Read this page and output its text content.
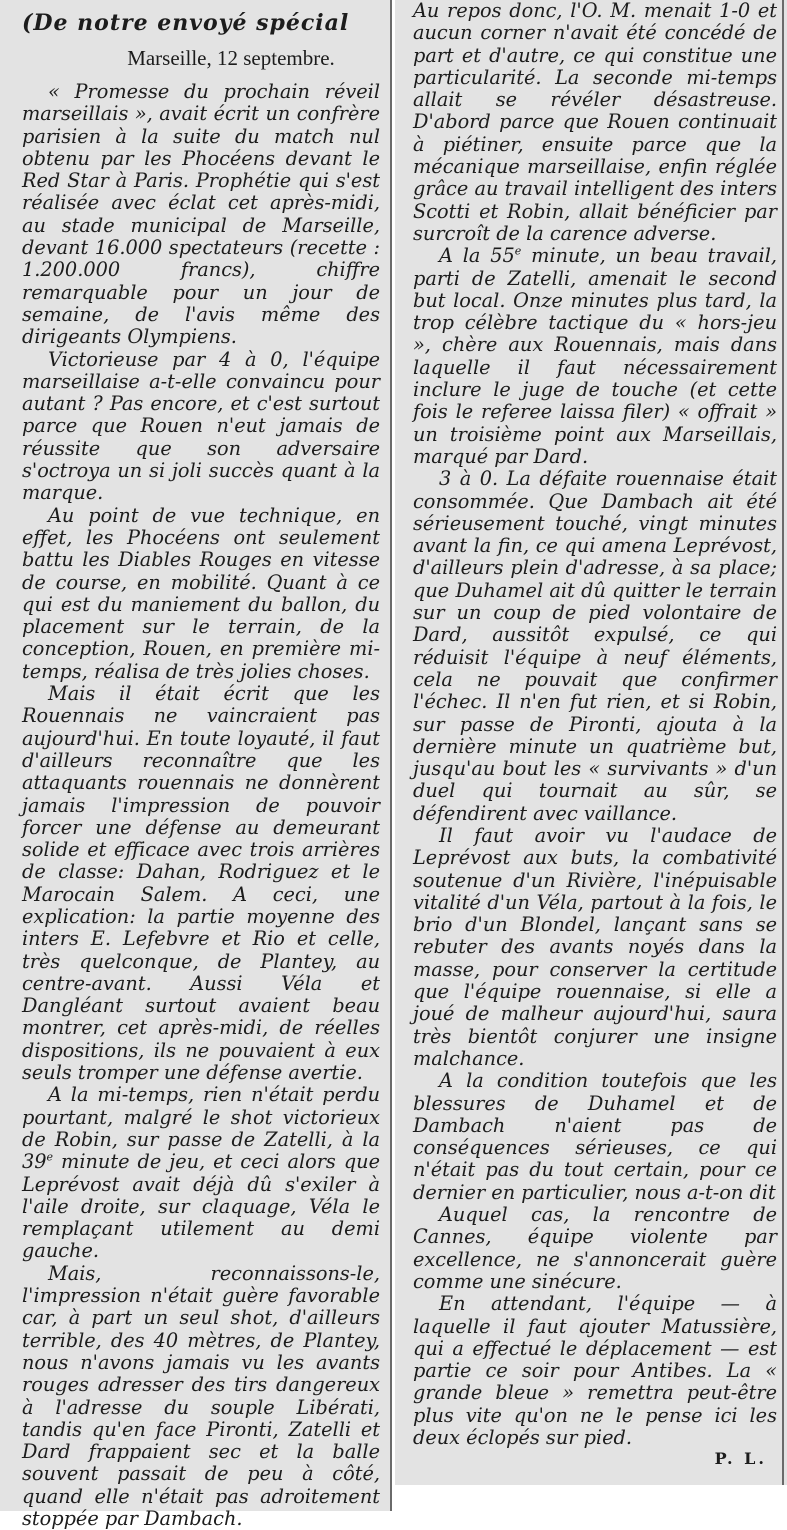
(De notre envoyé spécial
Marseille, 12 septembre.

« Promesse du prochain réveil marseillais », avait écrit un confrère parisien à la suite du match nul obtenu par les Phocéens devant le Red Star à Paris. Prophétie qui s'est réalisée avec éclat cet après-midi, au stade municipal de Marseille, devant 16.000 spectateurs (recette : 1.200.000 francs), chiffre remarquable pour un jour de semaine, de l'avis même des dirigeants Olympiens.

Victorieuse par 4 à 0, l'équipe marseillaise a-t-elle convaincu pour autant ? Pas encore, et c'est surtout parce que Rouen n'eut jamais de réussite que son adversaire s'octroya un si joli succès quant à la marque.

Au point de vue technique, en effet, les Phocéens ont seulement battu les Diables Rouges en vitesse de course, en mobilité. Quant à ce qui est du maniement du ballon, du placement sur le terrain, de la conception, Rouen, en première mi-temps, réalisa de très jolies choses.

Mais il était écrit que les Rouennais ne vaincraient pas aujourd'hui. En toute loyauté, il faut d'ailleurs reconnaître que les attaquants rouennais ne donnèrent jamais l'impression de pouvoir forcer une défense au demeurant solide et efficace avec trois arrières de classe: Dahan, Rodriguez et le Marocain Salem. A ceci, une explication: la partie moyenne des inters E. Lefebvre et Rio et celle, très quelconque, de Plantey, au centre-avant. Aussi Véla et Dangléant surtout avaient beau montrer, cet après-midi, de réelles dispositions, ils ne pouvaient à eux seuls tromper une défense avertie.

A la mi-temps, rien n'était perdu pourtant, malgré le shot victorieux de Robin, sur passe de Zatelli, à la 39e minute de jeu, et ceci alors que Leprévost avait déjà dû s'exiler à l'aile droite, sur claquage, Véla le remplaçant utilement au demi gauche.

Mais, reconnaissons-le, l'impression n'était guère favorable car, à part un seul shot, d'ailleurs terrible, des 40 mètres, de Plantey, nous n'avons jamais vu les avants rouges adresser des tirs dangereux à l'adresse du souple Libérati, tandis qu'en face Pironti, Zatelli et Dard frappaient sec et la balle souvent passait de peu à côté, quand elle n'était pas adroitement stoppée par Dambach.

Au repos donc, l'O. M. menait 1-0 et aucun corner n'avait été concédé de part et d'autre, ce qui constitue une particularité. La seconde mi-temps allait se révéler désastreuse. D'abord parce que Rouen continuait à piétiner, ensuite parce que la mécanique marseillaise, enfin réglée grâce au travail intelligent des inters Scotti et Robin, allait bénéficier par surcroît de la carence adverse.

A la 55e minute, un beau travail, parti de Zatelli, amenait le second but local. Onze minutes plus tard, la trop célèbre tactique du « hors-jeu », chère aux Rouennais, mais dans laquelle il faut nécessairement inclure le juge de touche (et cette fois le referee laissa filer) « offrait » un troisième point aux Marseillais, marqué par Dard.

3 à 0. La défaite rouennaise était consommée. Que Dambach ait été sérieusement touché, vingt minutes avant la fin, ce qui amena Leprévost, d'ailleurs plein d'adresse, à sa place; que Duhamel ait dû quitter le terrain sur un coup de pied volontaire de Dard, aussitôt expulsé, ce qui réduisit l'équipe à neuf éléments, cela ne pouvait que confirmer l'échec. Il n'en fut rien, et si Robin, sur passe de Pironti, ajouta à la dernière minute un quatrième but, jusqu'au bout les « survivants » d'un duel qui tournait au sûr, se défendirent avec vaillance.

Il faut avoir vu l'audace de Leprévost aux buts, la combativité soutenue d'un Rivière, l'inépuisable vitalité d'un Véla, partout à la fois, le brio d'un Blondel, lançant sans se rebuter des avants noyés dans la masse, pour conserver la certitude que l'équipe rouennaise, si elle a joué de malheur aujourd'hui, saura très bientôt conjurer une insigne malchance.

A la condition toutefois que les blessures de Duhamel et de Dambach n'aient pas de conséquences sérieuses, ce qui n'était pas du tout certain, pour ce dernier en particulier, nous a-t-on dit

Auquel cas, la rencontre de Cannes, équipe violente par excellence, ne s'annoncerait guère comme une sinécure.

En attendant, l'équipe — à laquelle il faut ajouter Matussière, qui a effectué le déplacement — est partie ce soir pour Antibes. La « grande bleue » remettra peut-être plus vite qu'on ne le pense ici les deux éclopés sur pied.

P. L.
